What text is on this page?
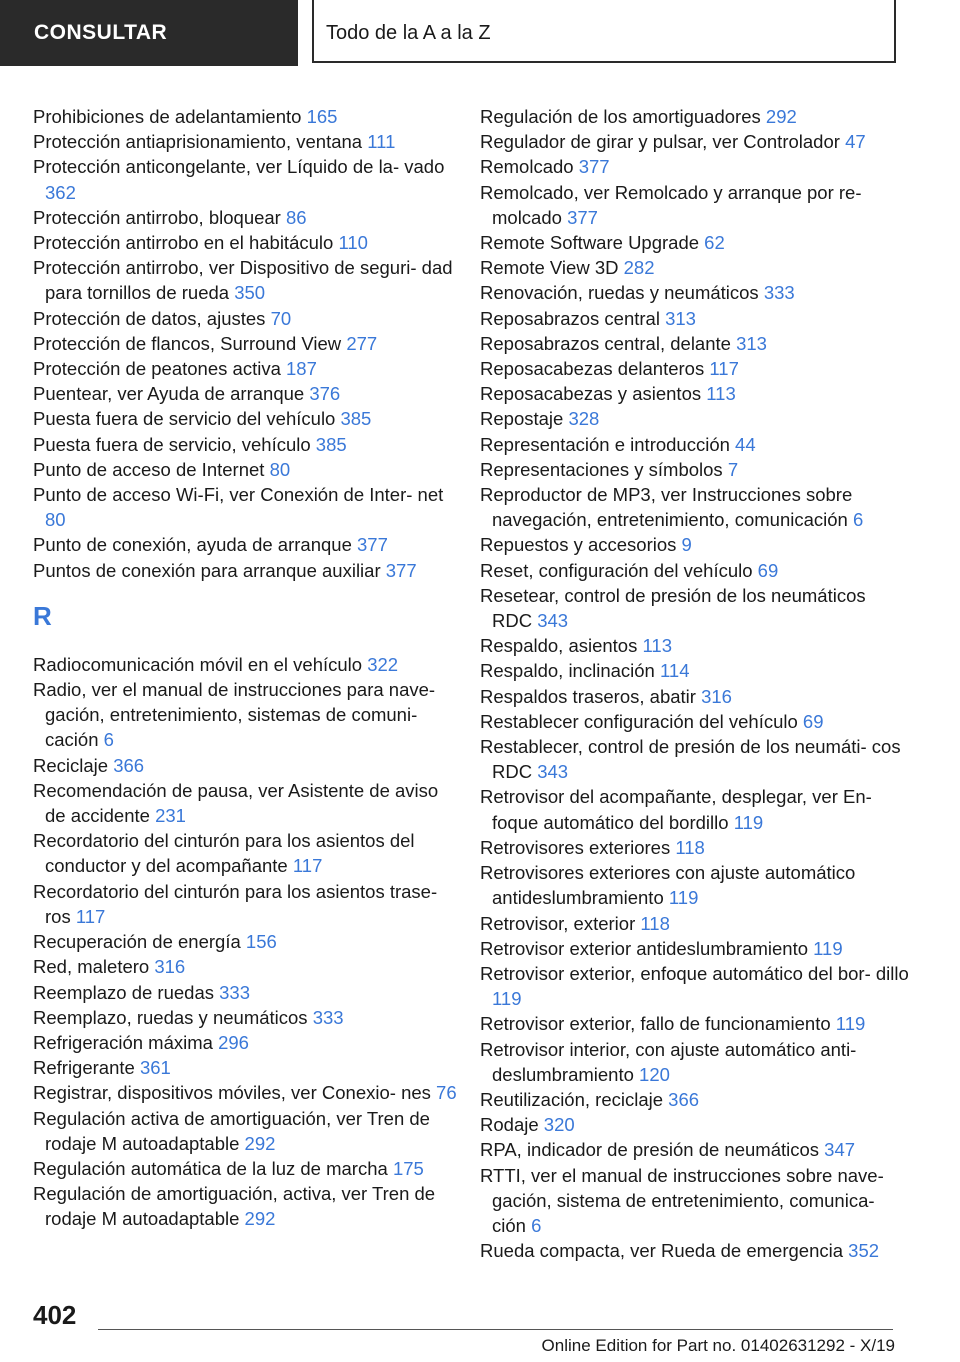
CONSULTAR	Todo de la A a la Z
Prohibiciones de adelantamiento 165
Protección antiaprisionamiento, ventana 111
Protección anticongelante, ver Líquido de la- vado 362
Protección antirrobo, bloquear 86
Protección antirrobo en el habitáculo 110
Protección antirrobo, ver Dispositivo de seguri- dad para tornillos de rueda 350
Protección de datos, ajustes 70
Protección de flancos, Surround View 277
Protección de peatones activa 187
Puentear, ver Ayuda de arranque 376
Puesta fuera de servicio del vehículo 385
Puesta fuera de servicio, vehículo 385
Punto de acceso de Internet 80
Punto de acceso Wi-Fi, ver Conexión de Inter- net 80
Punto de conexión, ayuda de arranque 377
Puntos de conexión para arranque auxiliar 377
R
Radiocomunicación móvil en el vehículo 322
Radio, ver el manual de instrucciones para nave- gación, entretenimiento, sistemas de comuni- cación 6
Reciclaje 366
Recomendación de pausa, ver Asistente de aviso de accidente 231
Recordatorio del cinturón para los asientos del conductor y del acompañante 117
Recordatorio del cinturón para los asientos trase- ros 117
Recuperación de energía 156
Red, maletero 316
Reemplazo de ruedas 333
Reemplazo, ruedas y neumáticos 333
Refrigeración máxima 296
Refrigerante 361
Registrar, dispositivos móviles, ver Conexio- nes 76
Regulación activa de amortiguación, ver Tren de rodaje M autoadaptable 292
Regulación automática de la luz de marcha 175
Regulación de amortiguación, activa, ver Tren de rodaje M autoadaptable 292
Regulación de los amortiguadores 292
Regulador de girar y pulsar, ver Controlador 47
Remolcado 377
Remolcado, ver Remolcado y arranque por re- molcado 377
Remote Software Upgrade 62
Remote View 3D 282
Renovación, ruedas y neumáticos 333
Reposabrazos central 313
Reposabrazos central, delante 313
Reposacabezas delanteros 117
Reposacabezas y asientos 113
Repostaje 328
Representación e introducción 44
Representaciones y símbolos 7
Reproductor de MP3, ver Instrucciones sobre navegación, entretenimiento, comunicación 6
Repuestos y accesorios 9
Reset, configuración del vehículo 69
Resetear, control de presión de los neumáticos RDC 343
Respaldo, asientos 113
Respaldo, inclinación 114
Respaldos traseros, abatir 316
Restablecer configuración del vehículo 69
Restablecer, control de presión de los neumáti- cos RDC 343
Retrovisor del acompañante, desplegar, ver En- foque automático del bordillo 119
Retrovisores exteriores 118
Retrovisores exteriores con ajuste automático antideslumbramiento 119
Retrovisor, exterior 118
Retrovisor exterior antideslumbramiento 119
Retrovisor exterior, enfoque automático del bor- dillo 119
Retrovisor exterior, fallo de funcionamiento 119
Retrovisor interior, con ajuste automático anti- deslumbramiento 120
Reutilización, reciclaje 366
Rodaje 320
RPA, indicador de presión de neumáticos 347
RTTI, ver el manual de instrucciones sobre nave- gación, sistema de entretenimiento, comunica- ción 6
Rueda compacta, ver Rueda de emergencia 352
402
Online Edition for Part no. 01402631292 - X/19
